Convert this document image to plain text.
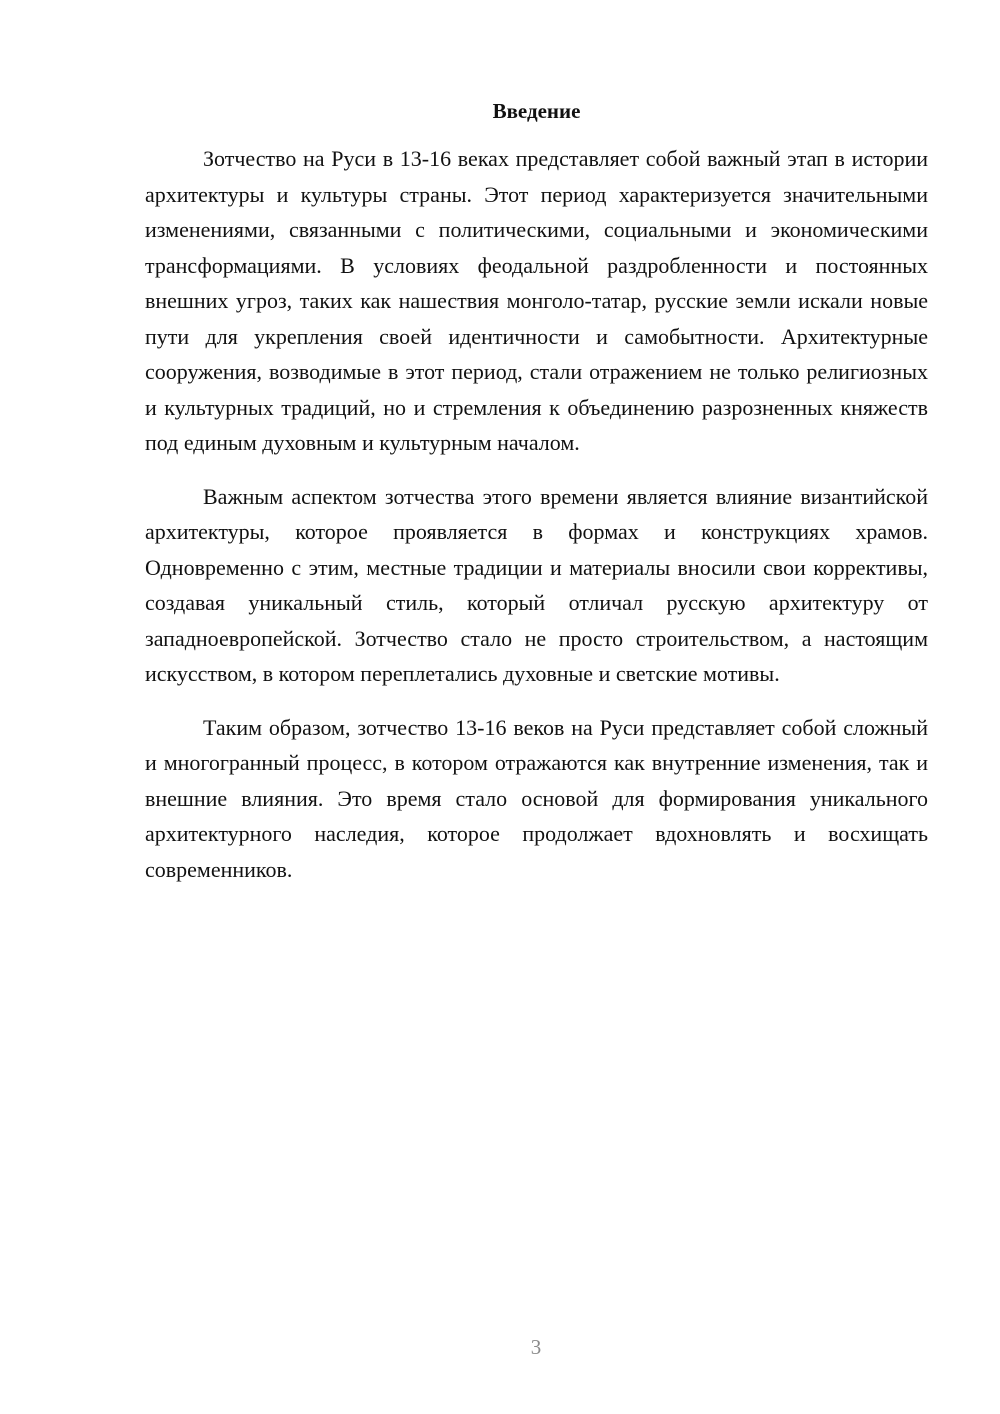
Введение

Зотчество на Руси в 13-16 веках представляет собой важный этап в истории архитектуры и культуры страны. Этот период характеризуется значительными изменениями, связанными с политическими, социальными и экономическими трансформациями. В условиях феодальной раздробленности и постоянных внешних угроз, таких как нашествия монголо-татар, русские земли искали новые пути для укрепления своей идентичности и самобытности. Архитектурные сооружения, возводимые в этот период, стали отражением не только религиозных и культурных традиций, но и стремления к объединению разрозненных княжеств под единым духовным и культурным началом.

Важным аспектом зотчества этого времени является влияние византийской архитектуры, которое проявляется в формах и конструкциях храмов. Одновременно с этим, местные традиции и материалы вносили свои коррективы, создавая уникальный стиль, который отличал русскую архитектуру от западноевропейской. Зотчество стало не просто строительством, а настоящим искусством, в котором переплетались духовные и светские мотивы.

Таким образом, зотчество 13-16 веков на Руси представляет собой сложный и многогранный процесс, в котором отражаются как внутренние изменения, так и внешние влияния. Это время стало основой для формирования уникального архитектурного наследия, которое продолжает вдохновлять и восхищать современников.

3
